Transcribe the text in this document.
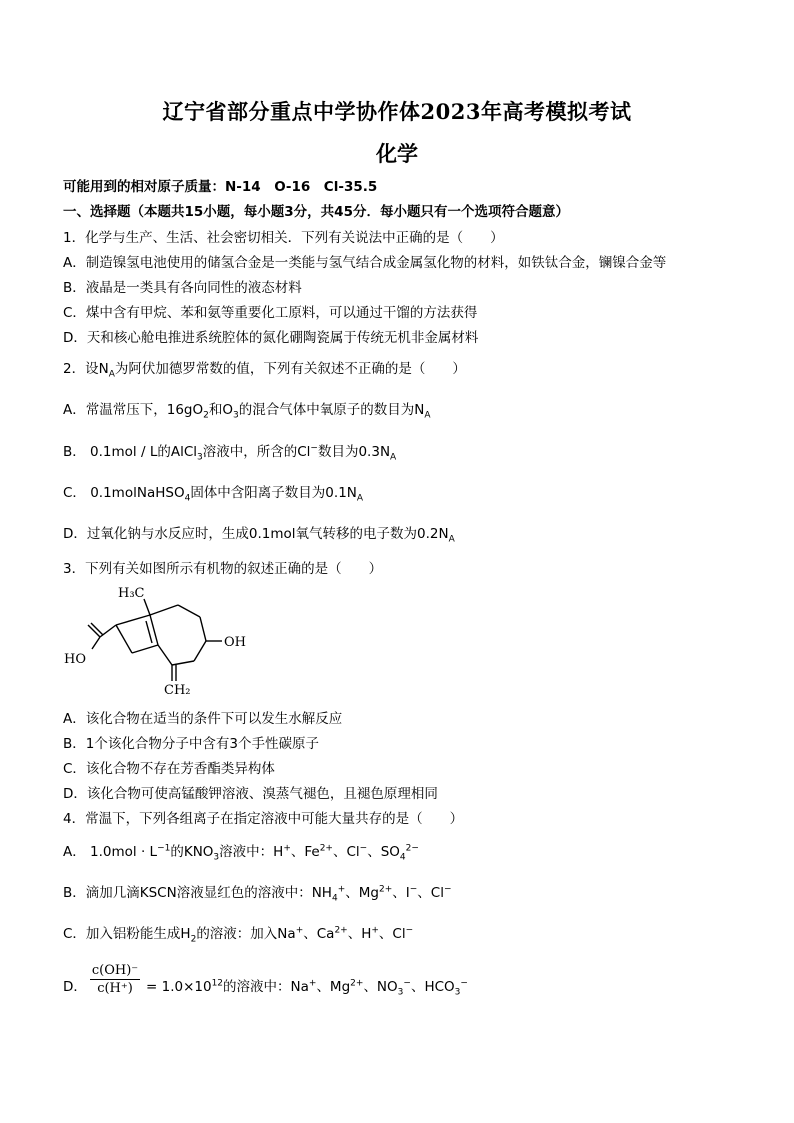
辽宁省部分重点中学协作体2023年高考模拟考试
化学
可能用到的相对原子质量：N-14　O-16　Cl-35.5
一、选择题（本题共15小题，每小题3分，共45分．每小题只有一个选项符合题意）
1．化学与生产、生活、社会密切相关．下列有关说法中正确的是（　　）
A．制造镍氢电池使用的储氢合金是一类能与氢气结合成金属氢化物的材料，如铁钛合金，镧镍合金等
B．液晶是一类具有各向同性的液态材料
C．煤中含有甲烷、苯和氨等重要化工原料，可以通过干馏的方法获得
D．天和核心舱电推进系统腔体的氮化硼陶瓷属于传统无机非金属材料
2．设$N_A$为阿伏加德罗常数的值，下列有关叙述不正确的是（　　）
A．常温常压下，$16gO_2$和$O_3$的混合气体中氧原子的数目为$N_A$
B． 0.1mol / L的AlCl$_3$溶液中，所含的Cl−数目为$0.3N_A$
C． 0.1molNaHSO$_4$固体中含阳离子数目为$0.1N_A$
D．过氧化钠与水反应时，生成0.1mol氧气转移的电子数为$0.2N_A$
3．下列有关如图所示有机物的叙述正确的是（　　）
H₃C
OH
HO
CH₂
A．该化合物在适当的条件下可以发生水解反应
B．1个该化合物分子中含有3个手性碳原子
C．该化合物不存在芳香酯类异构体
D．该化合物可使高锰酸钾溶液、溴蒸气褪色，且褪色原理相同
4．常温下，下列各组离子在指定溶液中可能大量共存的是（　　）
A． $1.0mol \cdot L^{-1}$的$KNO_3$溶液中：H+、$Fe^{2+}$、Cl−、$SO_4^{2-}$
B．滴加几滴KSCN溶液显红色的溶液中：$NH_4^+$、$Mg^{2+}$、I−、Cl−
C．加入铝粉能生成$H_2$的溶液：加入Na+、$Ca^{2+}$、H+、Cl−
D． $\frac{c(OH)^-}{c(H^+)} = 1.0\times 10^{12}$的溶液中：Na+、$Mg^{2+}$、$NO_3^-$、$HCO_3^-$
